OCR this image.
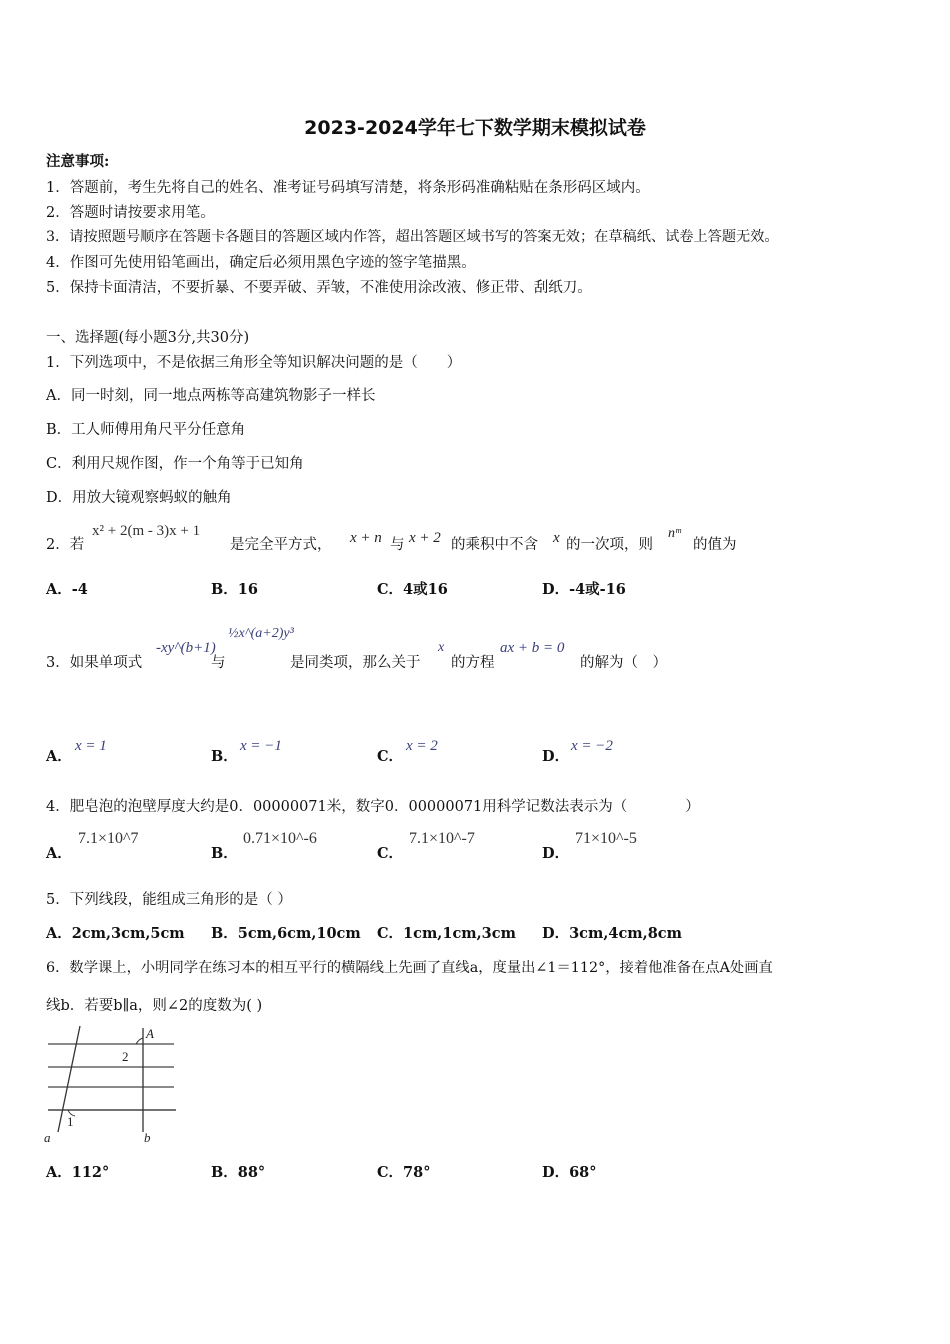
2023-2024学年七下数学期末模拟试卷
注意事项:
1．答题前，考生先将自己的姓名、准考证号码填写清楚，将条形码准确粘贴在条形码区域内。
2．答题时请按要求用笔。
3．请按照题号顺序在答题卡各题目的答题区域内作答，超出答题区域书写的答案无效；在草稿纸、试卷上答题无效。
4．作图可先使用铅笔画出，确定后必须用黑色字迹的签字笔描黑。
5．保持卡面清洁，不要折暴、不要弄破、弄皱，不准使用涂改液、修正带、刮纸刀。
一、选择题(每小题3分,共30分)
1．下列选项中，不是依据三角形全等知识解决问题的是（　　）
A．同一时刻，同一地点两栋等高建筑物影子一样长
B．工人师傅用角尺平分任意角
C．利用尺规作图，作一个角等于已知角
D．用放大镜观察蚂蚁的触角
2．若
x² + 2(m - 3)x + 1
是完全平方式， x + n 与 x + 2 的乘积中不含 x 的一次项，则
nᵐ
的值为
A．-4	B．16	C．4或16	D．-4或-16
3．如果单项式
-xy^(b+1)
与
½x^(a+2)y³
是同类项，那么关于
x
的方程
ax + b = 0
的解为（　）
A．
x = 1
B．
x = −1
C．
x = 2
D．
x = −2
4．肥皂泡的泡壁厚度大约是0．00000071米，数字0．00000071用科学记数法表示为（　　　　）
A．
7.1×10^7
B．
0.71×10^-6
C．
7.1×10^-7
D．
71×10^-5
5．下列线段，能组成三角形的是（ ）
A．2cm,3cm,5cm B．5cm,6cm,10cm C．1cm,1cm,3cm D．3cm,4cm,8cm
6．数学课上，小明同学在练习本的相互平行的横隔线上先画了直线a，度量出∠1＝112°，接着他准备在点A处画直
线b．若要b∥a，则∠2的度数为( )
A
2
1
a	b
A．112°	B．88°	C．78°	D．68°
